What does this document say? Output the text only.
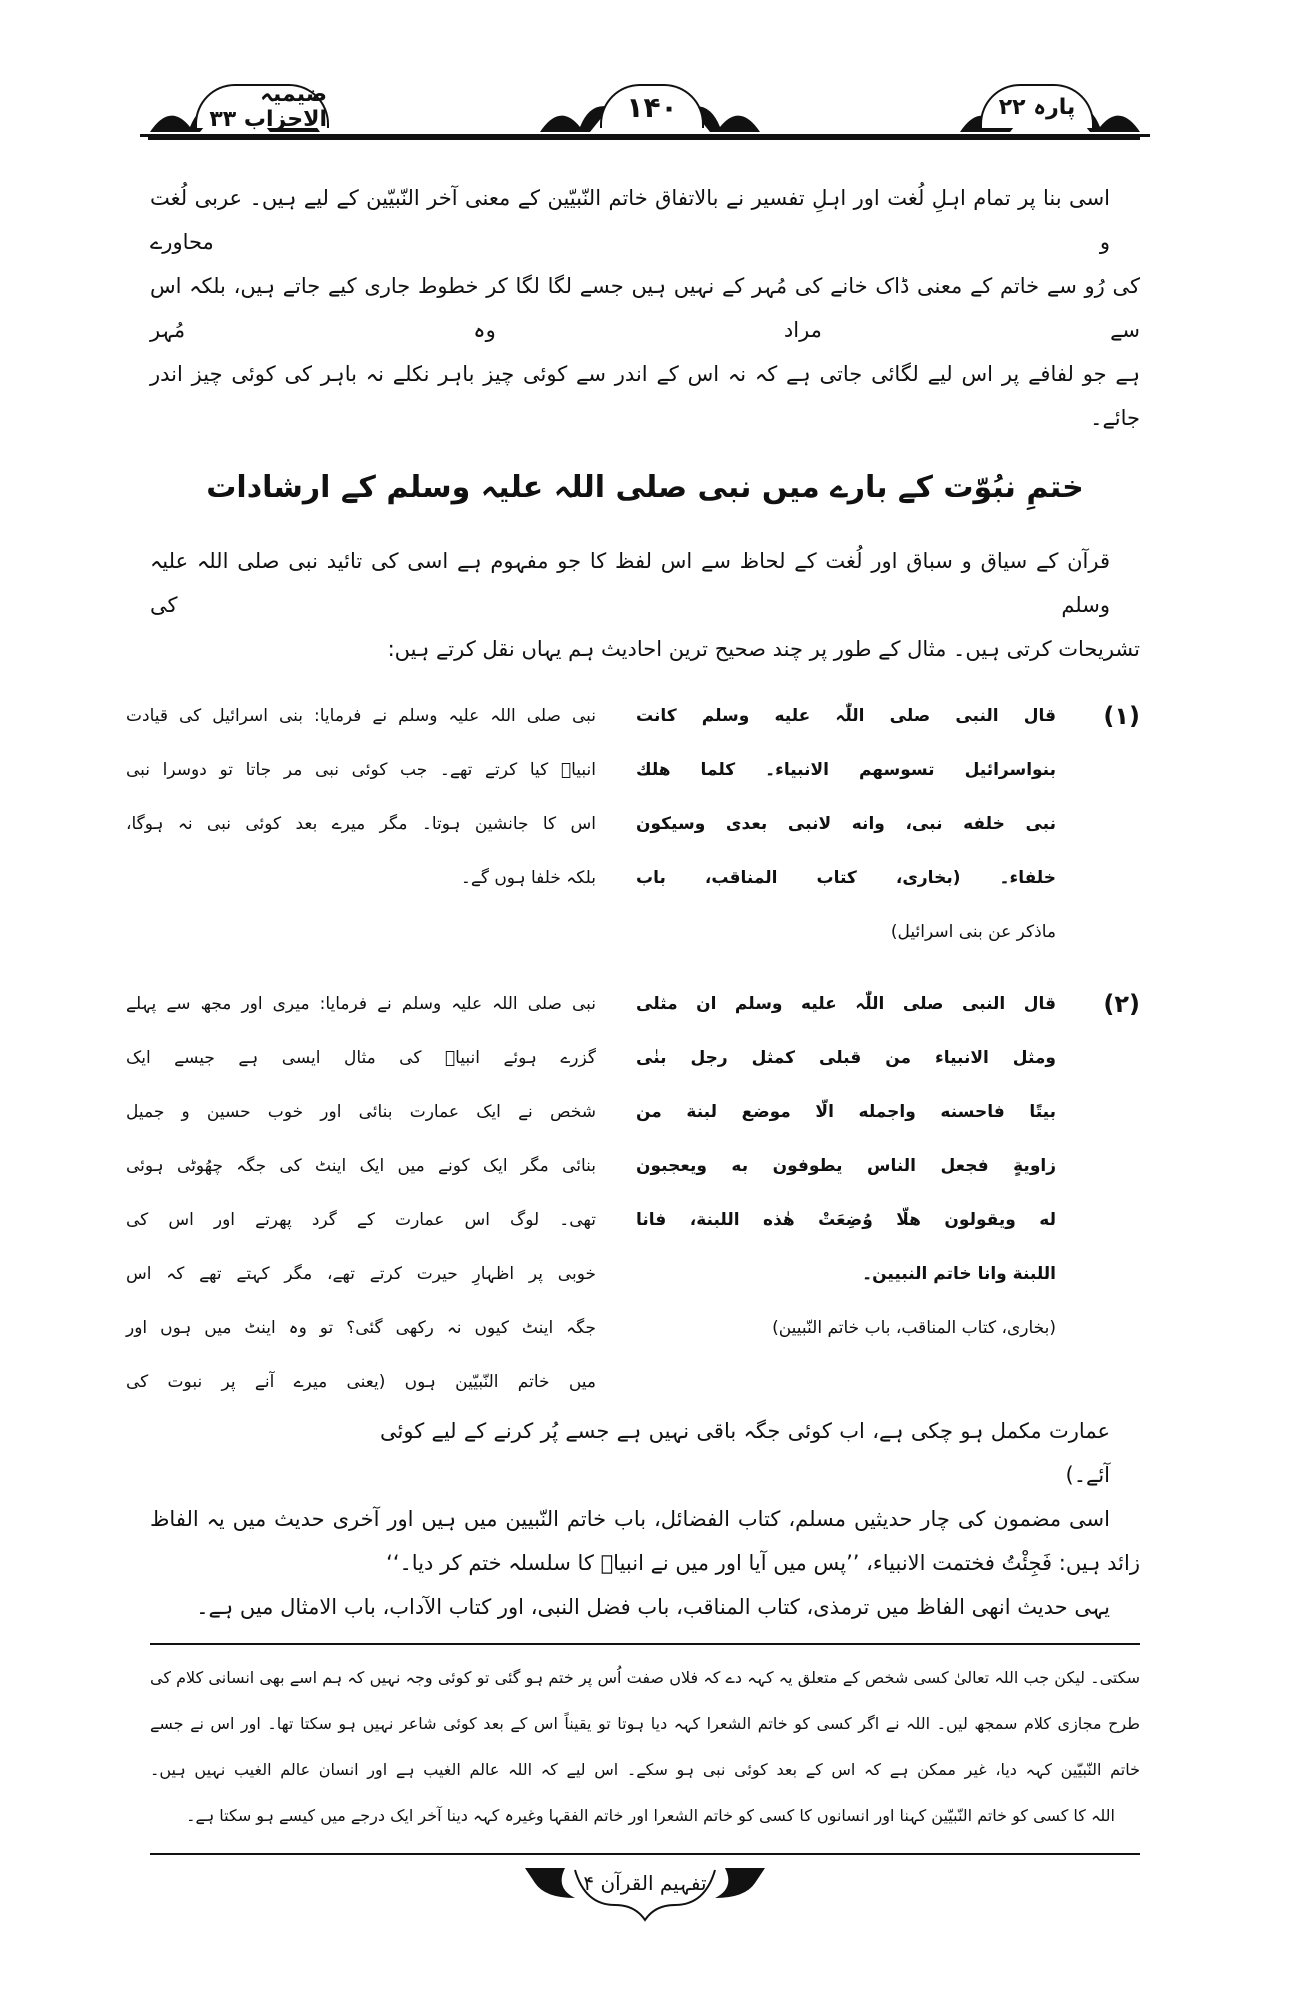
ضیمیہ الاحزاب ۳۳	۱۴۰	پارہ ۲۲
اسی بنا پر تمام اہلِ لُغت اور اہلِ تفسیر نے بالاتفاق خاتم النّبیّین کے معنی آخر النّبیّین کے لیے ہیں۔ عربی لُغت و محاورے
کی رُو سے خاتم کے معنی ڈاک خانے کی مُہر کے نہیں ہیں جسے لگا لگا کر خطوط جاری کیے جاتے ہیں، بلکہ اس سے مراد وہ مُہر
ہے جو لفافے پر اس لیے لگائی جاتی ہے کہ نہ اس کے اندر سے کوئی چیز باہر نکلے نہ باہر کی کوئی چیز اندر جائے۔
ختمِ نبُوّت کے بارے میں نبی صلی اللہ علیہ وسلم کے ارشادات
قرآن کے سیاق و سباق اور لُغت کے لحاظ سے اس لفظ کا جو مفہوم ہے اسی کی تائید نبی صلی اللہ علیہ وسلم کی
تشریحات کرتی ہیں۔ مثال کے طور پر چند صحیح ترین احادیث ہم یہاں نقل کرتے ہیں:
(۱)
قال النبی صلی اللّٰہ علیه وسلم کانت
بنواسرائیل تسوسهم الانبیاء۔ کلما هلك
نبی خلفه نبی، وانه لانبی بعدی وسیکون
خلفاء۔ (بخاری، کتاب المناقب، باب
ماذکر عن بنی اسرائیل)
نبی صلی اللہ علیہ وسلم نے فرمایا: بنی اسرائیل کی قیادت
انبیاؑ کیا کرتے تھے۔ جب کوئی نبی مر جاتا تو دوسرا نبی
اس کا جانشین ہوتا۔ مگر میرے بعد کوئی نبی نہ ہوگا،
بلکہ خلفا ہوں گے۔
(۲)
قال النبی صلی اللّٰہ علیه وسلم ان مثلی
ومثل الانبیاء من قبلی کمثل رجل بنٰی
بیتًا فاحسنه واجمله الّا موضع لبنة من
زاویةٍ فجعل الناس یطوفون به ویعجبون
له ویقولون هلّا وُضِعَتْ هٰذه اللبنة، فانا
اللبنة وانا خاتم النبیین۔
(بخاری، کتاب المناقب، باب خاتم النّبیین)
نبی صلی اللہ علیہ وسلم نے فرمایا: میری اور مجھ سے پہلے
گزرے ہوئے انبیاؑ کی مثال ایسی ہے جیسے ایک
شخص نے ایک عمارت بنائی اور خوب حسین و جمیل
بنائی مگر ایک کونے میں ایک اینٹ کی جگہ چھُوٹی ہوئی
تھی۔ لوگ اس عمارت کے گرد پھرتے اور اس کی
خوبی پر اظہارِ حیرت کرتے تھے، مگر کہتے تھے کہ اس
جگہ اینٹ کیوں نہ رکھی گئی؟ تو وہ اینٹ میں ہوں اور
میں خاتم النّبیّین ہوں (یعنی میرے آنے پر نبوت کی
عمارت مکمل ہو چکی ہے، اب کوئی جگہ باقی نہیں ہے جسے پُر کرنے کے لیے کوئی آئے۔)
اسی مضمون کی چار حدیثیں مسلم، کتاب الفضائل، باب خاتم النّبیین میں ہیں اور آخری حدیث میں یہ الفاظ
زائد ہیں: فَجِئْتُ فختمت الانبیاء، ’’پس میں آیا اور میں نے انبیاؑ کا سلسلہ ختم کر دیا۔‘‘
یہی حدیث انھی الفاظ میں ترمذی، کتاب المناقب، باب فضل النبی، اور کتاب الآداب، باب الامثال میں ہے۔
سکتی۔ لیکن جب اللہ تعالیٰ کسی شخص کے متعلق یہ کہہ دے کہ فلاں صفت اُس پر ختم ہو گئی تو کوئی وجہ نہیں کہ ہم اسے بھی انسانی کلام کی
طرح مجازی کلام سمجھ لیں۔ اللہ نے اگر کسی کو خاتم الشعرا کہہ دیا ہوتا تو یقیناً اس کے بعد کوئی شاعر نہیں ہو سکتا تھا۔ اور اس نے جسے
خاتم النّبیّین کہہ دیا، غیر ممکن ہے کہ اس کے بعد کوئی نبی ہو سکے۔ اس لیے کہ اللہ عالم الغیب ہے اور انسان عالم الغیب نہیں ہیں۔
اللہ کا کسی کو خاتم النّبیّین کہنا اور انسانوں کا کسی کو خاتم الشعرا اور خاتم الفقہا وغیرہ کہہ دینا آخر ایک درجے میں کیسے ہو سکتا ہے۔
تفہیم القرآن ۴
